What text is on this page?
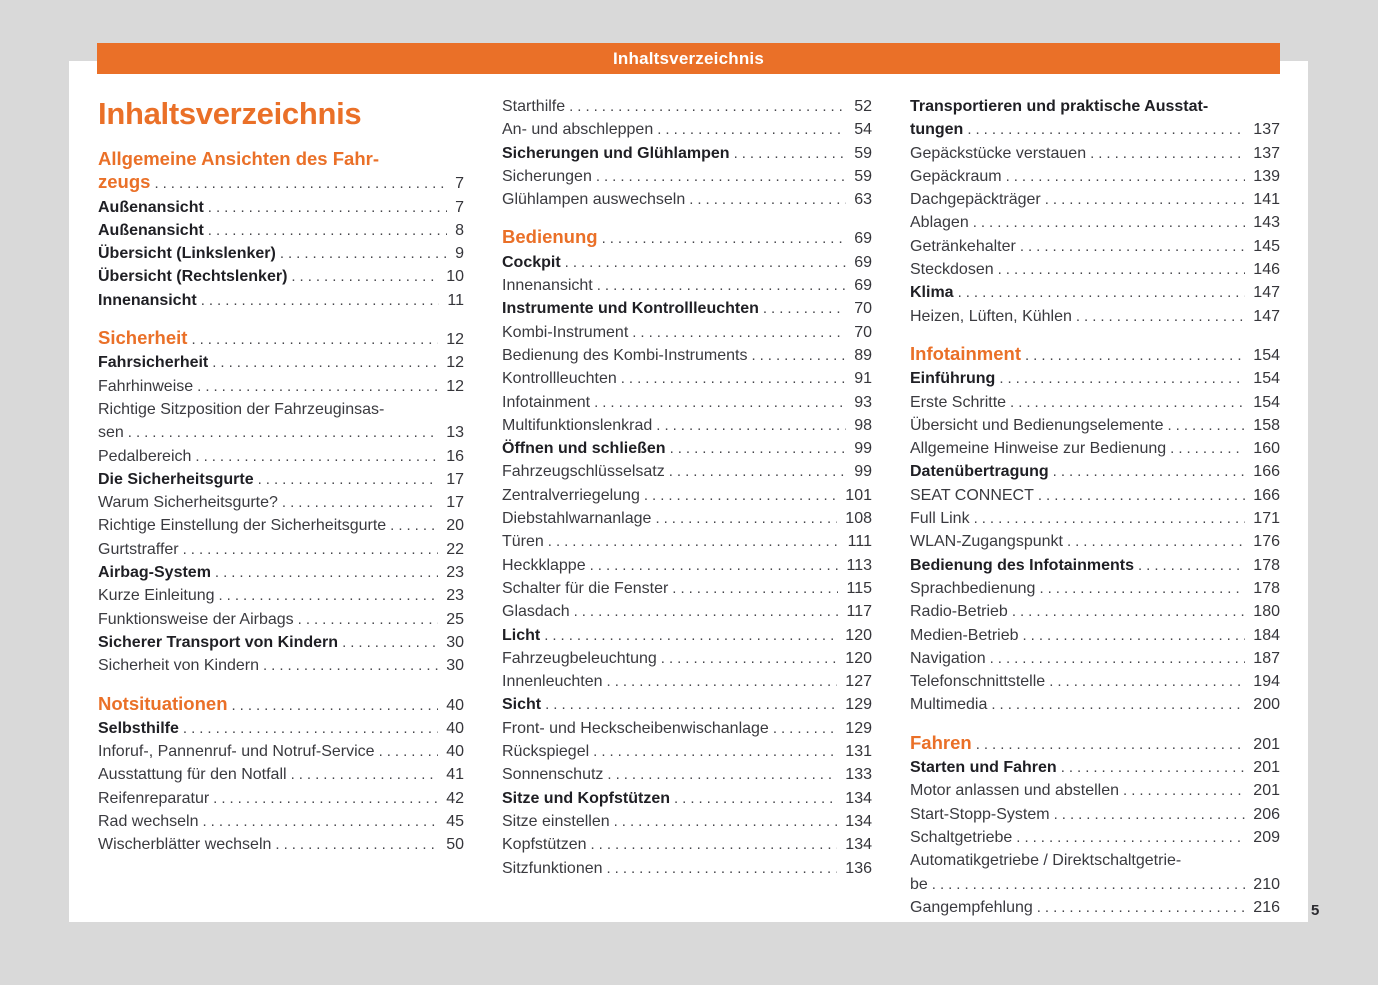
Inhaltsverzeichnis
Inhaltsverzeichnis
Allgemeine Ansichten des Fahr-
zeugs .....	7
Außenansicht .....	7
Außenansicht .....	8
Übersicht (Linkslenker) .....	9
Übersicht (Rechtslenker) .....	10
Innenansicht .....	11
Sicherheit .....	12
Fahrsicherheit .....	12
Fahrhinweise .....	12
Richtige Sitzposition der Fahrzeuginsas-
sen .....	13
Pedalbereich .....	16
Die Sicherheitsgurte .....	17
Warum Sicherheitsgurte? .....	17
Richtige Einstellung der Sicherheitsgurte .....	20
Gurtstraffer .....	22
Airbag-System .....	23
Kurze Einleitung .....	23
Funktionsweise der Airbags .....	25
Sicherer Transport von Kindern .....	30
Sicherheit von Kindern .....	30
Notsituationen .....	40
Selbsthilfe .....	40
Inforuf-, Pannenruf- und Notruf-Service .....	40
Ausstattung für den Notfall .....	41
Reifenreparatur .....	42
Rad wechseln .....	45
Wischerblätter wechseln .....	50
Starthilfe .....	52
An- und abschleppen .....	54
Sicherungen und Glühlampen .....	59
Sicherungen .....	59
Glühlampen auswechseln .....	63
Bedienung .....	69
Cockpit .....	69
Innenansicht .....	69
Instrumente und Kontrollleuchten .....	70
Kombi-Instrument .....	70
Bedienung des Kombi-Instruments .....	89
Kontrollleuchten .....	91
Infotainment .....	93
Multifunktionslenkrad .....	98
Öffnen und schließen .....	99
Fahrzeugschlüsselsatz .....	99
Zentralverriegelung .....	101
Diebstahlwarnanlage .....	108
Türen .....	111
Heckklappe .....	113
Schalter für die Fenster .....	115
Glasdach .....	117
Licht .....	120
Fahrzeugbeleuchtung .....	120
Innenleuchten .....	127
Sicht .....	129
Front- und Heckscheibenwischanlage .....	129
Rückspiegel .....	131
Sonnenschutz .....	133
Sitze und Kopfstützen .....	134
Sitze einstellen .....	134
Kopfstützen .....	134
Sitzfunktionen .....	136
Transportieren und praktische Ausstat-
tungen .....	137
Gepäckstücke verstauen .....	137
Gepäckraum .....	139
Dachgepäckträger .....	141
Ablagen .....	143
Getränkehalter .....	145
Steckdosen .....	146
Klima .....	147
Heizen, Lüften, Kühlen .....	147
Infotainment .....	154
Einführung .....	154
Erste Schritte .....	154
Übersicht und Bedienungselemente .....	158
Allgemeine Hinweise zur Bedienung .....	160
Datenübertragung .....	166
SEAT CONNECT .....	166
Full Link .....	171
WLAN-Zugangspunkt .....	176
Bedienung des Infotainments .....	178
Sprachbedienung .....	178
Radio-Betrieb .....	180
Medien-Betrieb .....	184
Navigation .....	187
Telefonschnittstelle .....	194
Multimedia .....	200
Fahren .....	201
Starten und Fahren .....	201
Motor anlassen und abstellen .....	201
Start-Stopp-System .....	206
Schaltgetriebe .....	209
Automatikgetriebe / Direktschaltgetrie-
be .....	210
Gangempfehlung .....	216 5
